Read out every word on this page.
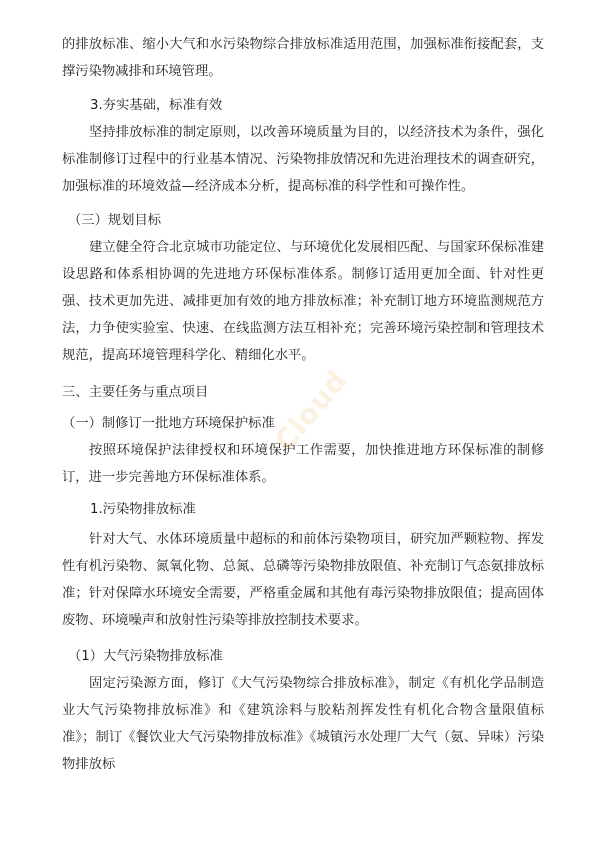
的排放标准、缩小大气和水污染物综合排放标准适用范围，加强标准衔接配套，支撑污染物减排和环境管理。

3.夯实基础，标准有效

坚持排放标准的制定原则，以改善环境质量为目的，以经济技术为条件，强化标准制修订过程中的行业基本情况、污染物排放情况和先进治理技术的调查研究，加强标准的环境效益—经济成本分析，提高标准的科学性和可操作性。

（三）规划目标

建立健全符合北京城市功能定位、与环境优化发展相匹配、与国家环保标准建设思路和体系相协调的先进地方环保标准体系。制修订适用更加全面、针对性更强、技术更加先进、减排更加有效的地方排放标准；补充制订地方环境监测规范方法，力争使实验室、快速、在线监测方法互相补充；完善环境污染控制和管理技术规范，提高环境管理科学化、精细化水平。

三、主要任务与重点项目

（一）制修订一批地方环境保护标准

按照环境保护法律授权和环境保护工作需要，加快推进地方环保标准的制修订，进一步完善地方环保标准体系。

1.污染物排放标准

针对大气、水体环境质量中超标的和前体污染物项目，研究加严颗粒物、挥发性有机污染物、氮氧化物、总氮、总磷等污染物排放限值、补充制订气态氨排放标准；针对保障水环境安全需要，严格重金属和其他有毒污染物排放限值；提高固体废物、环境噪声和放射性污染等排放控制技术要求。

（1）大气污染物排放标准

固定污染源方面，修订《大气污染物综合排放标准》，制定《有机化学品制造业大气污染物排放标准》和《建筑涂料与胶粘剂挥发性有机化合物含量限值标准》；制订《餐饮业大气污染物排放标准》《城镇污水处理厂大气（氨、异味）污染物排放标

Cloud
